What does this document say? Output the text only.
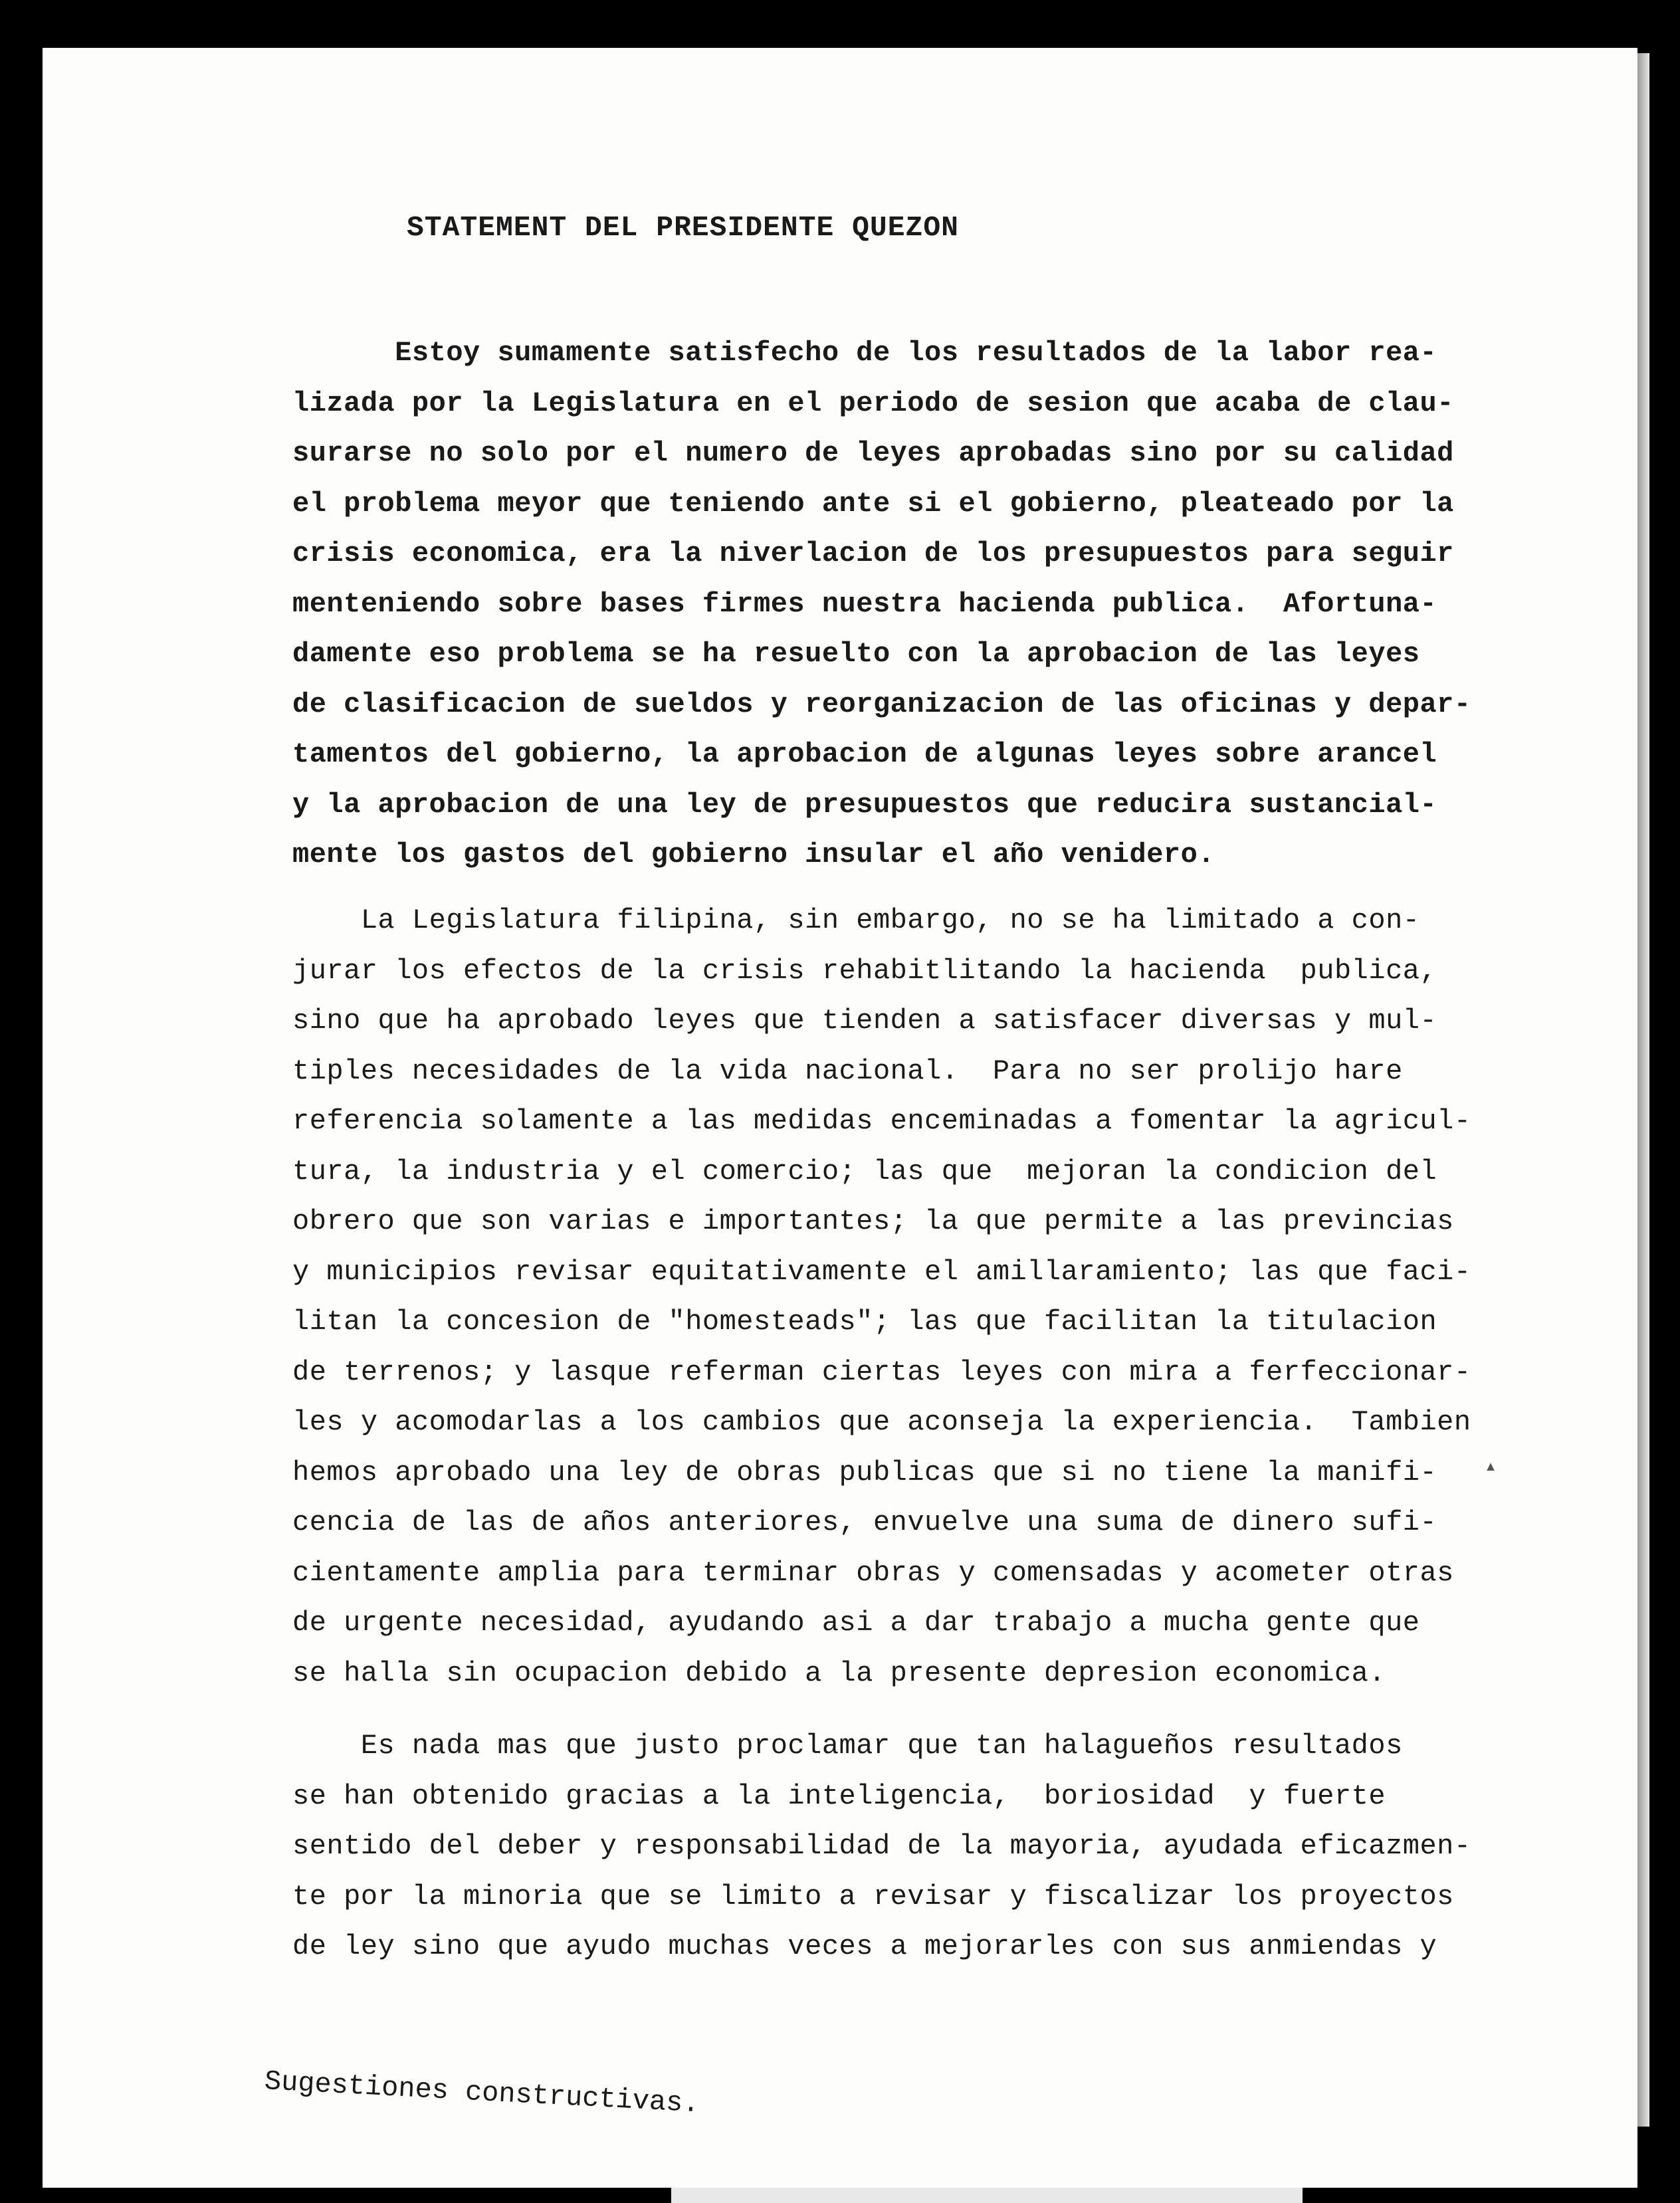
STATEMENT DEL PRESIDENTE QUEZON
Estoy sumamente satisfecho de los resultados de la labor rea-
lizada por la Legislatura en el periodo de sesion que acaba de clau-
surarse no solo por el numero de leyes aprobadas sino por su calidad
el problema meyor que teniendo ante si el gobierno, pleateado por la
crisis economica, era la niverlacion de los presupuestos para seguir
menteniendo sobre bases firmes nuestra hacienda publica.  Afortuna-
damente eso problema se ha resuelto con la aprobacion de las leyes
de clasificacion de sueldos y reorganizacion de las oficinas y depar-
tamentos del gobierno, la aprobacion de algunas leyes sobre arancel
y la aprobacion de una ley de presupuestos que reducira sustancial-
mente los gastos del gobierno insular el año venidero.
La Legislatura filipina, sin embargo, no se ha limitado a con-
jurar los efectos de la crisis rehabitlitando la hacienda  publica,
sino que ha aprobado leyes que tienden a satisfacer diversas y mul-
tiples necesidades de la vida nacional.  Para no ser prolijo hare
referencia solamente a las medidas enceminadas a fomentar la agricul-
tura, la industria y el comercio; las que  mejoran la condicion del
obrero que son varias e importantes; la que permite a las previncias
y municipios revisar equitativamente el amillaramiento; las que faci-
litan la concesion de "homesteads"; las que facilitan la titulacion
de terrenos; y lasque referman ciertas leyes con mira a ferfeccionar-
les y acomodarlas a los cambios que aconseja la experiencia.  Tambien
hemos aprobado una ley de obras publicas que si no tiene la manifi-
cencia de las de años anteriores, envuelve una suma de dinero sufi-
cientamente amplia para terminar obras y comensadas y acometer otras
de urgente necesidad, ayudando asi a dar trabajo a mucha gente que
se halla sin ocupacion debido a la presente depresion economica.
Es nada mas que justo proclamar que tan halagueños resultados
se han obtenido gracias a la inteligencia,  boriosidad  y fuerte
sentido del deber y responsabilidad de la mayoria, ayudada eficazmen-
te por la minoria que se limito a revisar y fiscalizar los proyectos
de ley sino que ayudo muchas veces a mejorarles con sus anmiendas y
Sugestiones constructivas.
▴
